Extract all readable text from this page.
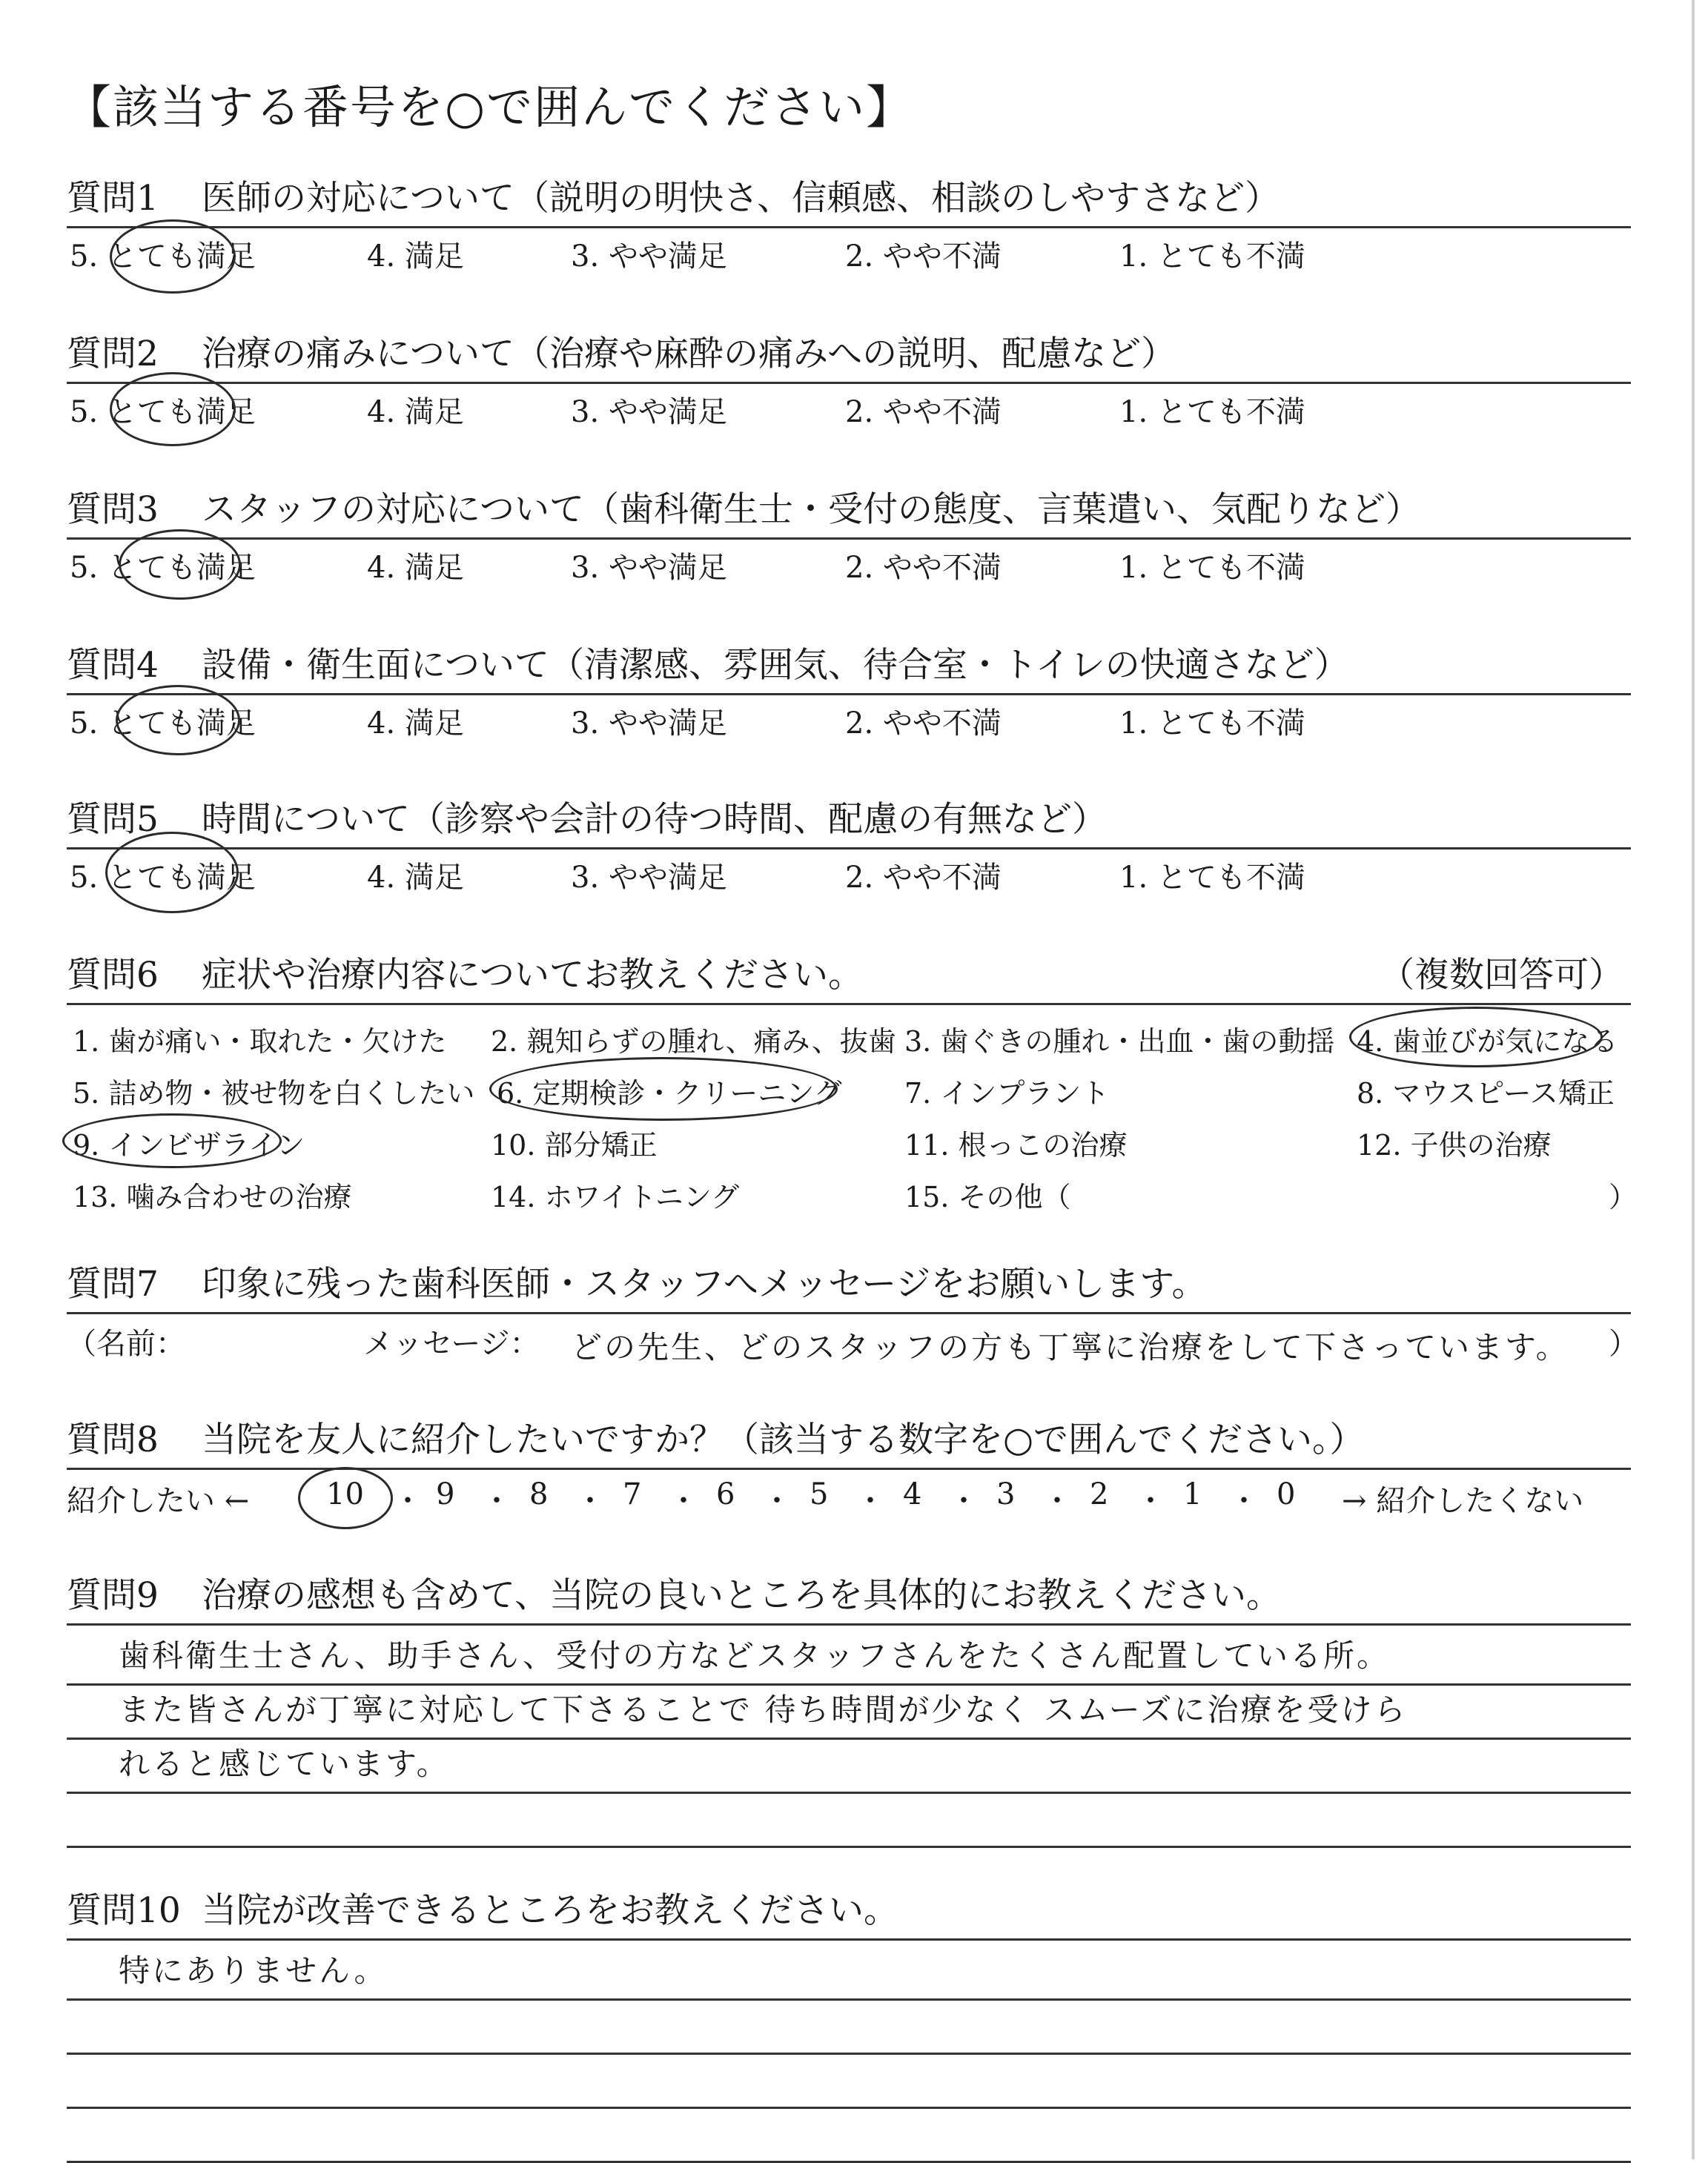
【該当する番号を○で囲んでください】
質問1	医師の対応について（説明の明快さ、信頼感、相談のしやすさなど）
5. とても満足	4. 満足	3. やや満足	2. やや不満	1. とても不満
質問2	治療の痛みについて（治療や麻酔の痛みへの説明、配慮など）
5. とても満足	4. 満足	3. やや満足	2. やや不満	1. とても不満
質問3	スタッフの対応について（歯科衛生士・受付の態度、言葉遣い、気配りなど）
5. とても満足	4. 満足	3. やや満足	2. やや不満	1. とても不満
質問4	設備・衛生面について（清潔感、雰囲気、待合室・トイレの快適さなど）
5. とても満足	4. 満足	3. やや満足	2. やや不満	1. とても不満
質問5	時間について（診察や会計の待つ時間、配慮の有無など）
5. とても満足	4. 満足	3. やや満足	2. やや不満	1. とても不満
質問6	症状や治療内容についてお教えください。	（複数回答可）
1. 歯が痛い・取れた・欠けた 2. 親知らずの腫れ、痛み、抜歯 3. 歯ぐきの腫れ・出血・歯の動揺 4. 歯並びが気になる
5. 詰め物・被せ物を白くしたい 6. 定期検診・クリーニング 7. インプラント	8. マウスピース矯正
9. インビザライン	10. 部分矯正	11. 根っこの治療	12. 子供の治療
13. 噛み合わせの治療	14. ホワイトニング	15. その他（	）
質問7	印象に残った歯科医師・スタッフへメッセージをお願いします。
（名前：	メッセージ： どの先生、どのスタッフの方も丁寧に治療をして下さっています。 ）
質問8	当院を友人に紹介したいですか？（該当する数字を○で囲んでください。）
紹介したい ←	10 ・ 9 ・ 8 ・ 7 ・ 6 ・ 5 ・ 4 ・ 3 ・ 2 ・ 1 ・ 0 → 紹介したくない
質問9	治療の感想も含めて、当院の良いところを具体的にお教えください。
歯科衛生士さん、助手さん、受付の方などスタッフさんをたくさん配置している所。
また皆さんが丁寧に対応して下さることで 待ち時間が少なく スムーズに治療を受けら
れると感じています。
質問10 当院が改善できるところをお教えください。
特にありません。
